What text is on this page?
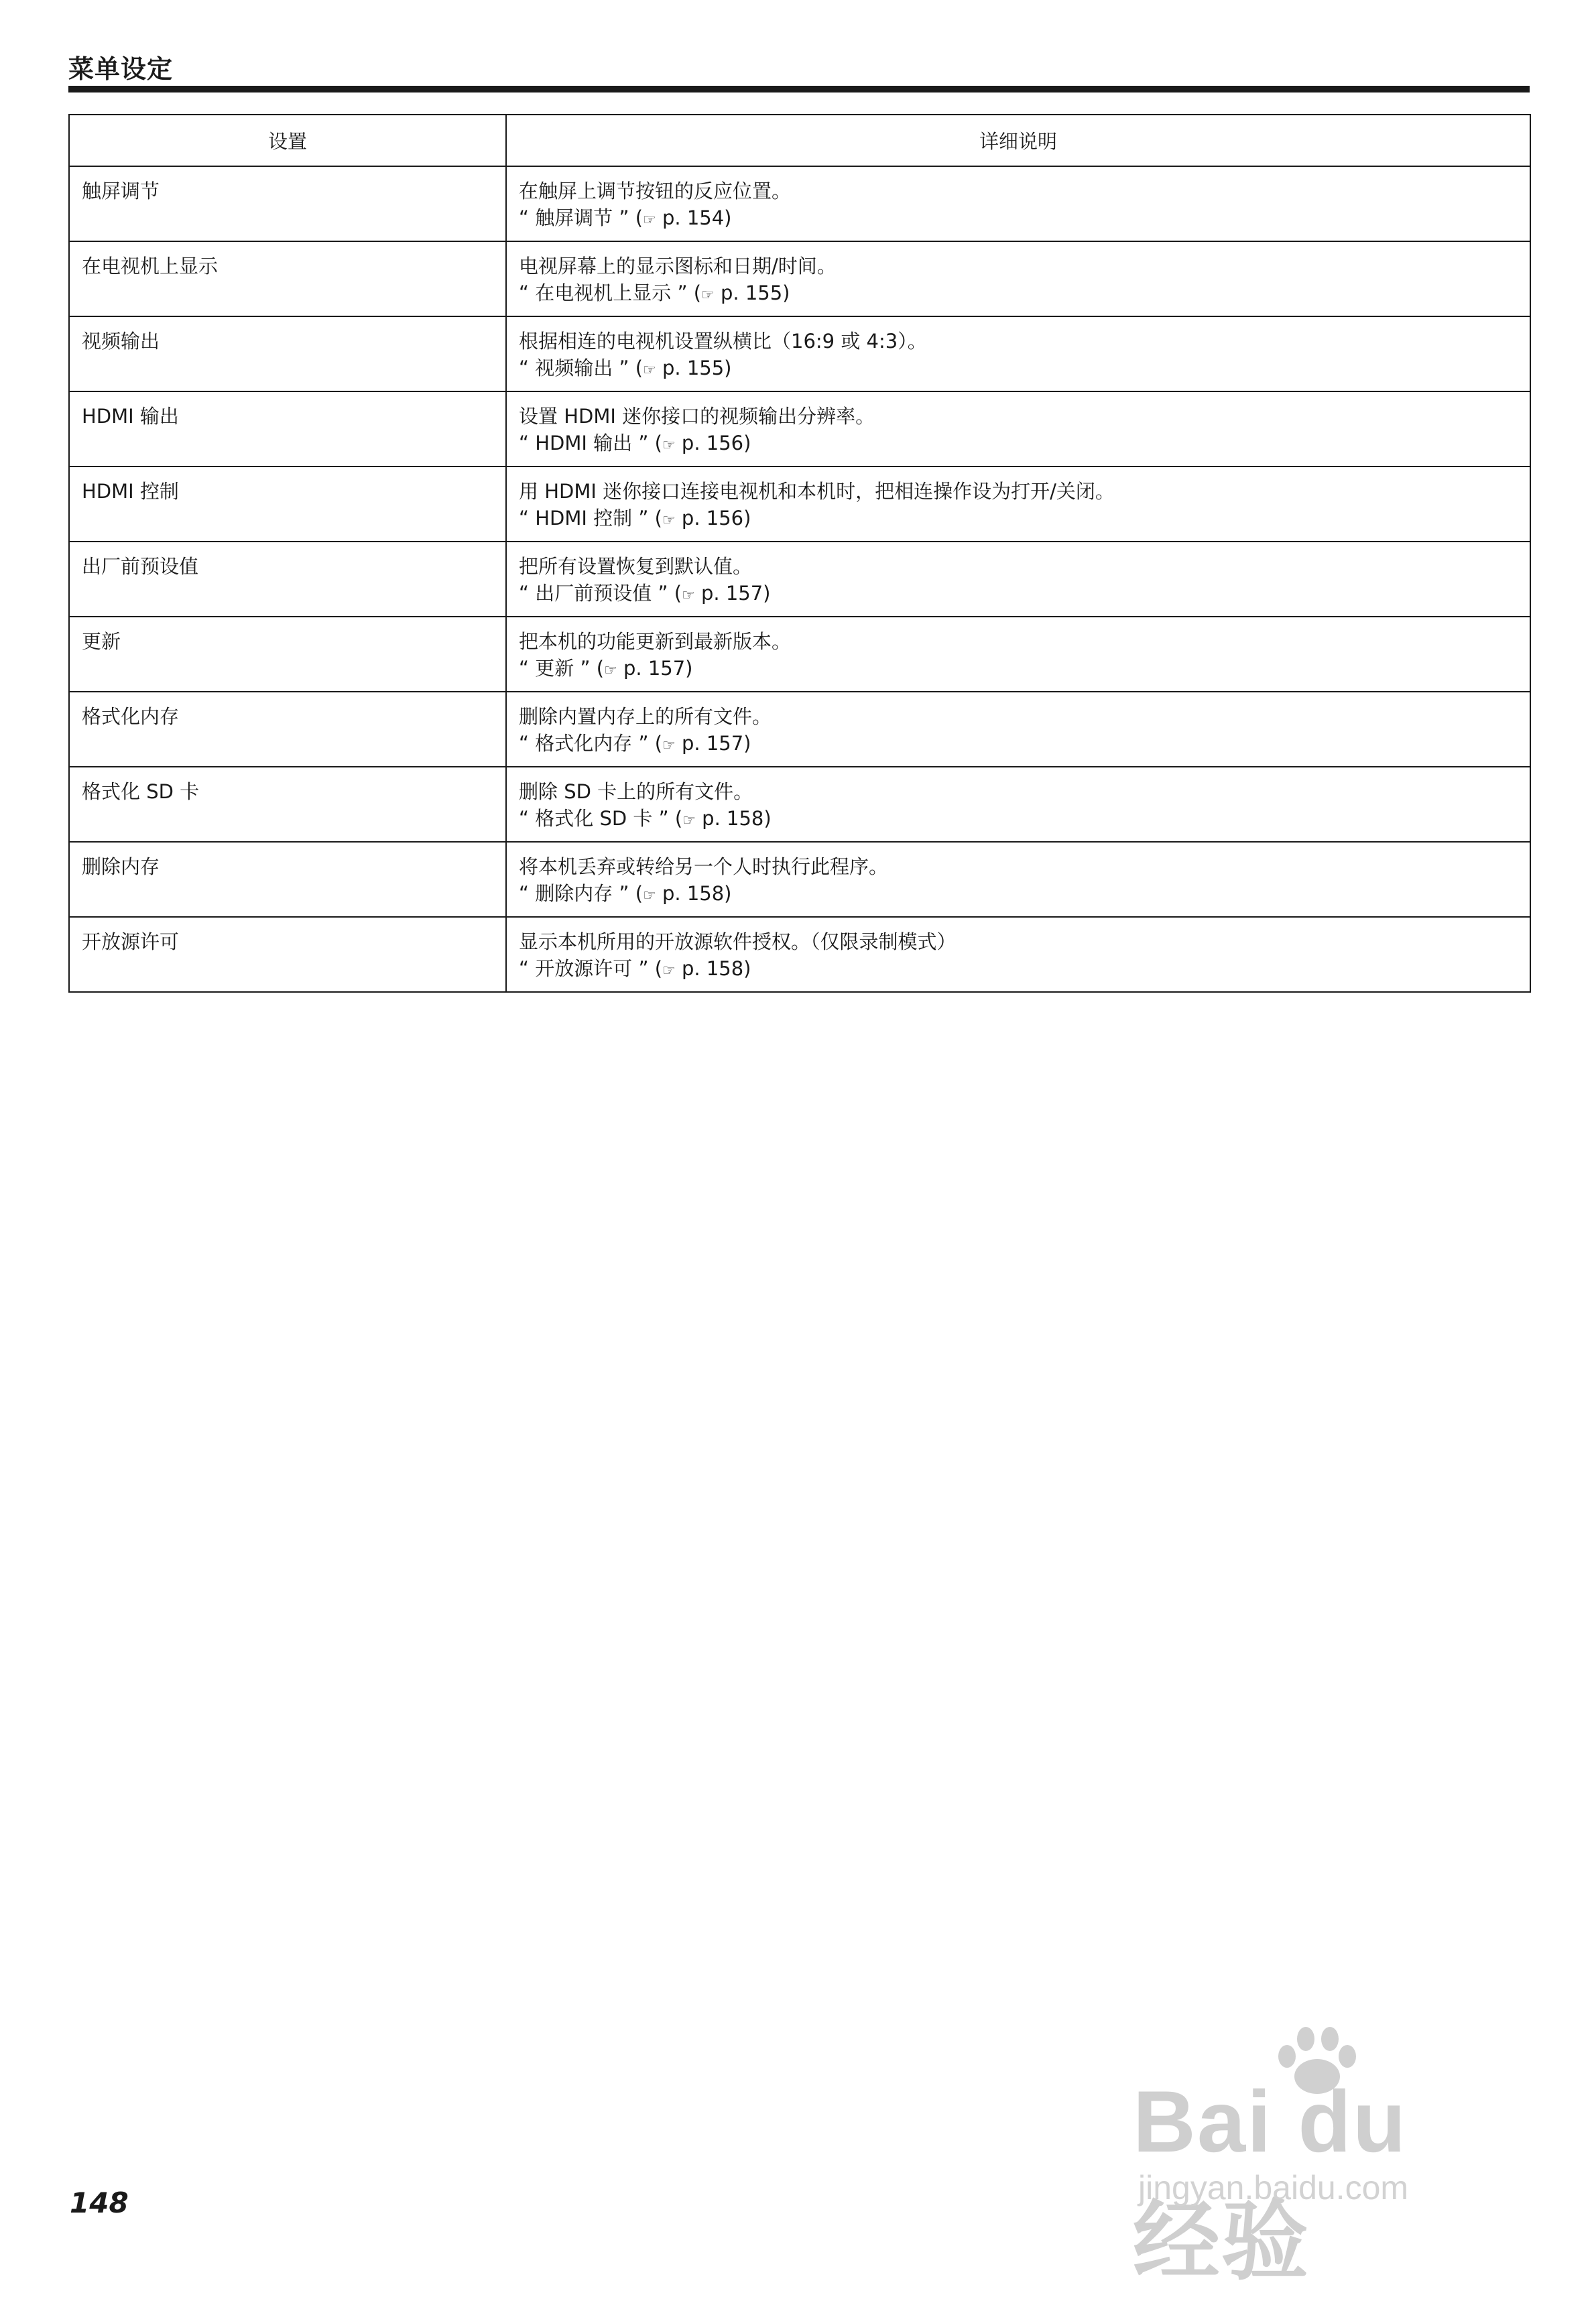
菜单设定
设置	详细说明
触屏调节	在触屏上调节按钮的反应位置。
“ 触屏调节 ” (☞ p. 154)

在电视机上显示	电视屏幕上的显示图标和日期/时间。
“ 在电视机上显示 ” (☞ p. 155)

视频输出	根据相连的电视机设置纵横比（16:9 或 4:3）。
“ 视频输出 ” (☞ p. 155)

HDMI 输出	设置 HDMI 迷你接口的视频输出分辨率。
“ HDMI 输出 ” (☞ p. 156)

HDMI 控制	用 HDMI 迷你接口连接电视机和本机时，把相连操作设为打开/关闭。
“ HDMI 控制 ” (☞ p. 156)

出厂前预设值	把所有设置恢复到默认值。
“ 出厂前预设值 ” (☞ p. 157)

更新	把本机的功能更新到最新版本。
“ 更新 ” (☞ p. 157)

格式化内存	删除内置内存上的所有文件。
“ 格式化内存 ” (☞ p. 157)

格式化 SD 卡	删除 SD 卡上的所有文件。
“ 格式化 SD 卡 ” (☞ p. 158)

删除内存	将本机丢弃或转给另一个人时执行此程序。
“ 删除内存 ” (☞ p. 158)

开放源许可	显示本机所用的开放源软件授权。（仅限录制模式）
“ 开放源许可 ” (☞ p. 158)
148
Bai du 经验
jingyan.baidu.com
